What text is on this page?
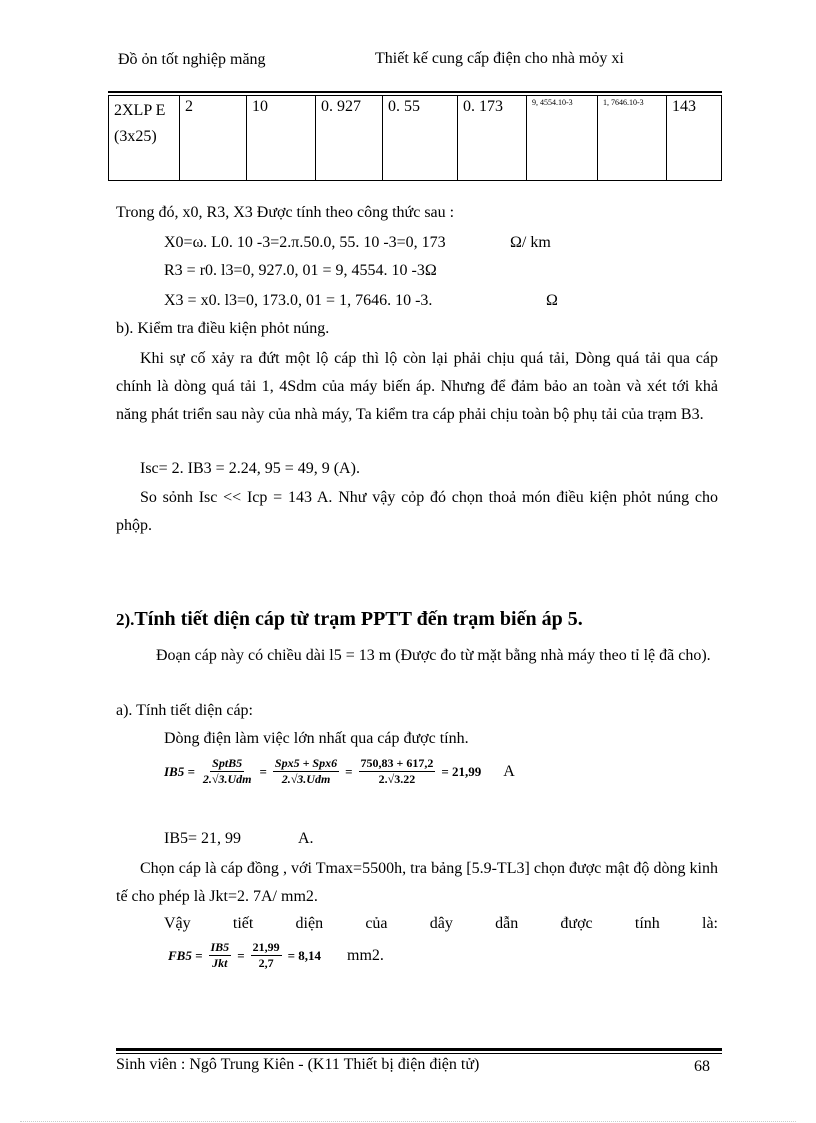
Đồ ỏn tốt nghiệp măng	Thiết kế cung cấp điện cho nhà mỏy xi
2XLP E (3x25)	2	10	0. 927	0. 55	0. 173	9, 4554.10-3	1, 7646.10-3	143
Trong đó, x0, R3, X3 Được tính theo công thức sau :
X0=ω. L0. 10 -3=2.π.50.0, 55. 10 -3=0, 173	Ω/ km
R3 = r0. l3=0, 927.0, 01 = 9, 4554. 10 -3Ω
X3 = x0. l3=0, 173.0, 01 = 1, 7646. 10 -3.	Ω
b). Kiểm tra điều kiện phỏt núng.
Khi sự cố xảy ra đứt một lộ cáp thì lộ còn lại phải chịu quá tải, Dòng quá tải qua cáp chính là dòng quá tải 1, 4Sdm của máy biến áp. Nhưng để đảm bảo an toàn và xét tới khả năng phát triển sau này của nhà máy, Ta kiểm tra cáp phải chịu toàn bộ phụ tải của trạm B3.
Isc= 2. IB3 = 2.24, 95 = 49, 9 (A).
So sỏnh Isc << Icp = 143 A. Như vậy cỏp đó chọn thoả món điều kiện phỏt núng cho phộp.
2).Tính tiết diện cáp từ trạm PPTT đến trạm biến áp 5.
Đoạn cáp này có chiều dài l5 = 13 m (Được đo từ mặt bằng nhà máy theo tỉ lệ đã cho).
a). Tính tiết diện cáp:
Dòng điện làm việc lớn nhất qua cáp được tính.
$IB5 = \frac{\text{SptB5}}{\text{2.√3.Udm}} = \frac{\text{Spx5 + Spx6}}{\text{2.√3.Udm}} = \frac{750,83 + 617,2}{2.√3.22} = 21,99$ A
IB5= 21, 99	A.
Chọn cáp là cáp đồng , với Tmax=5500h, tra bảng [5.9-TL3] chọn được mật độ dòng kinh tế cho phép là Jkt=2. 7A/ mm2.
Vậy tiết diện của dây dẫn được tính là:
$FB5 = \frac{IB5}{\text{Jkt}} = \frac{21,99}{2,7} = 8,14$ mm2.
Sinh viên : Ngô Trung Kiên - (K11 Thiết bị điện điện tử)	68
